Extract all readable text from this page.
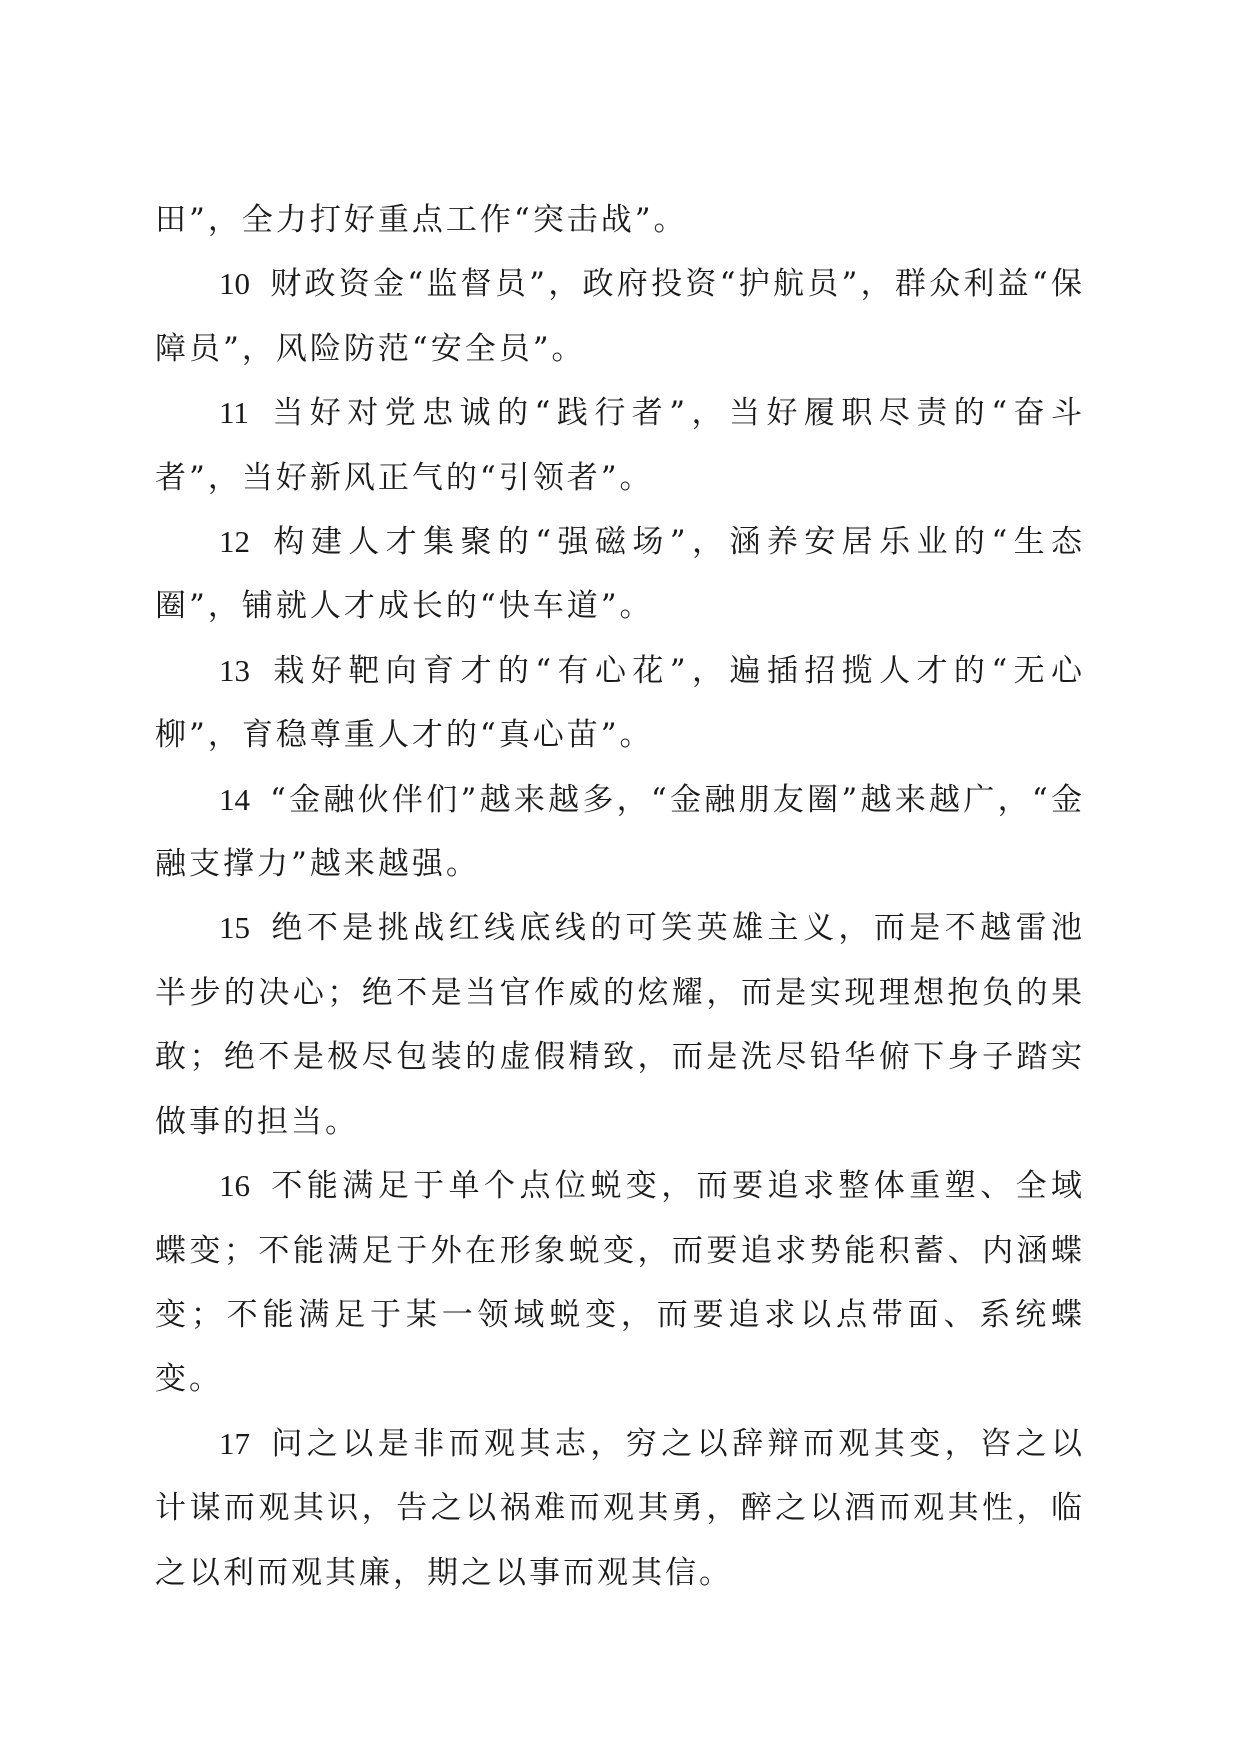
田”，全力打好重点工作“突击战”。

10 财政资金“监督员”，政府投资“护航员”，群众利益“保障员”，风险防范“安全员”。

11 当好对党忠诚的“践行者”，当好履职尽责的“奋斗者”，当好新风正气的“引领者”。

12 构建人才集聚的“强磁场”，涵养安居乐业的“生态圈”，铺就人才成长的“快车道”。

13 栽好靶向育才的“有心花”，遍插招揽人才的“无心柳”，育稳尊重人才的“真心苗”。

14 “金融伙伴们”越来越多，“金融朋友圈”越来越广，“金融支撑力”越来越强。

15 绝不是挑战红线底线的可笑英雄主义，而是不越雷池半步的决心；绝不是当官作威的炫耀，而是实现理想抱负的果敢；绝不是极尽包装的虚假精致，而是洗尽铅华俯下身子踏实做事的担当。

16 不能满足于单个点位蜕变，而要追求整体重塑、全域蝶变；不能满足于外在形象蜕变，而要追求势能积蓄、内涵蝶变；不能满足于某一领域蜕变，而要追求以点带面、系统蝶变。

17 问之以是非而观其志，穷之以辞辩而观其变，咨之以计谋而观其识，告之以祸难而观其勇，醉之以酒而观其性，临之以利而观其廉，期之以事而观其信。
